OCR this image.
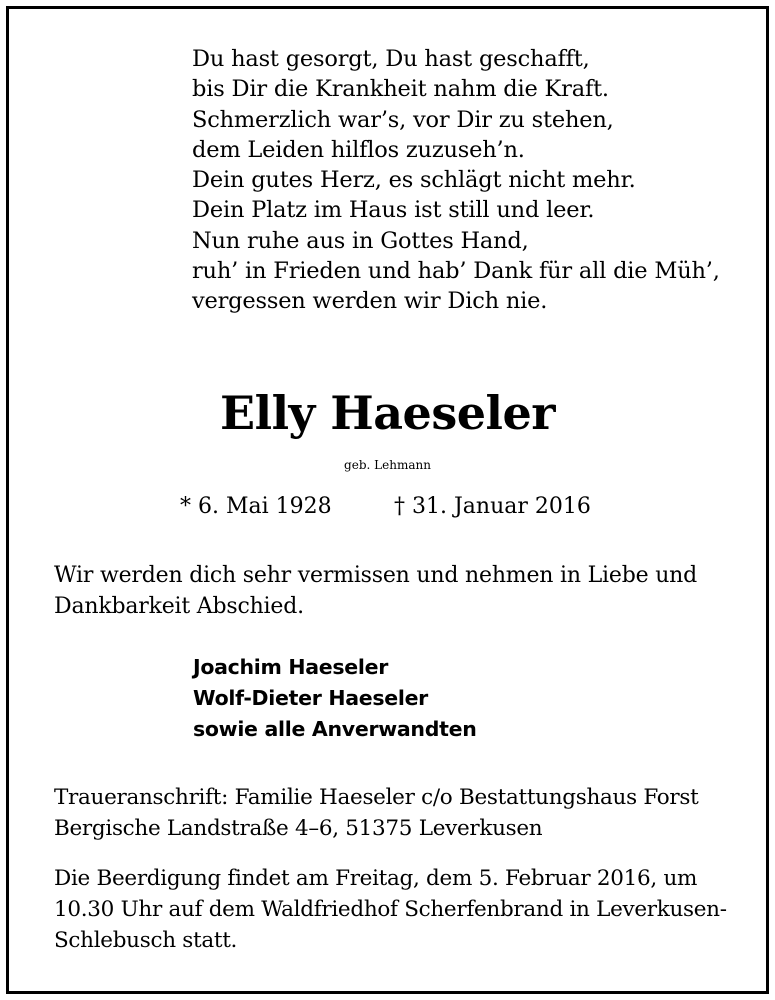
Du hast gesorgt, Du hast geschafft,
bis Dir die Krankheit nahm die Kraft.
Schmerzlich war’s, vor Dir zu stehen,
dem Leiden hilflos zuzuseh’n.
Dein gutes Herz, es schlägt nicht mehr.
Dein Platz im Haus ist still und leer.
Nun ruhe aus in Gottes Hand,
ruh’ in Frieden und hab’ Dank für all die Müh’,
vergessen werden wir Dich nie.
Elly Haeseler
geb. Lehmann
* 6. Mai 1928	† 31. Januar 2016
Wir werden dich sehr vermissen und nehmen in Liebe und
Dankbarkeit Abschied.
Joachim Haeseler
Wolf-Dieter Haeseler
sowie alle Anverwandten
Traueranschrift: Familie Haeseler c/o Bestattungshaus Forst
Bergische Landstraße 4–6, 51375 Leverkusen
Die Beerdigung findet am Freitag, dem 5. Februar 2016, um
10.30 Uhr auf dem Waldfriedhof Scherfenbrand in Leverkusen-
Schlebusch statt.
